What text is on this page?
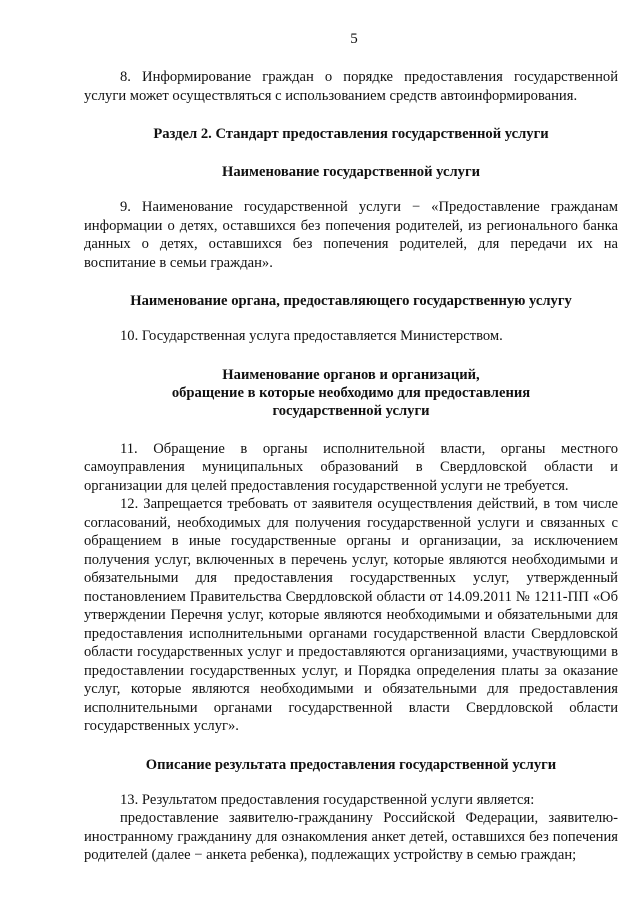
5

8. Информирование граждан о порядке предоставления государственной услуги может осуществляться с использованием средств автоинформирования.

Раздел 2. Стандарт предоставления государственной услуги
Наименование государственной услуги

9. Наименование государственной услуги − «Предоставление гражданам информации о детях, оставшихся без попечения родителей, из регионального банка данных о детях, оставшихся без попечения родителей, для передачи их на воспитание в семьи граждан».

Наименование органа, предоставляющего государственную услугу

10. Государственная услуга предоставляется Министерством.

Наименование органов и организаций,
обращение в которые необходимо для предоставления
государственной услуги

11. Обращение в органы исполнительной власти, органы местного самоуправления муниципальных образований в Свердловской области и организации для целей предоставления государственной услуги не требуется.

12. Запрещается требовать от заявителя осуществления действий, в том числе согласований, необходимых для получения государственной услуги и связанных с обращением в иные государственные органы и организации, за исключением получения услуг, включенных в перечень услуг, которые являются необходимыми и обязательными для предоставления государственных услуг, утвержденный постановлением Правительства Свердловской области от 14.09.2011 № 1211-ПП «Об утверждении Перечня услуг, которые являются необходимыми и обязательными для предоставления исполнительными органами государственной власти Свердловской области государственных услуг и предоставляются организациями, участвующими в предоставлении государственных услуг, и Порядка определения платы за оказание услуг, которые являются необходимыми и обязательными для предоставления исполнительными органами государственной власти Свердловской области государственных услуг».

Описание результата предоставления государственной услуги

13. Результатом предоставления государственной услуги является:

предоставление заявителю-гражданину Российской Федерации, заявителю-иностранному гражданину для ознакомления анкет детей, оставшихся без попечения родителей (далее − анкета ребенка), подлежащих устройству в семью граждан;
